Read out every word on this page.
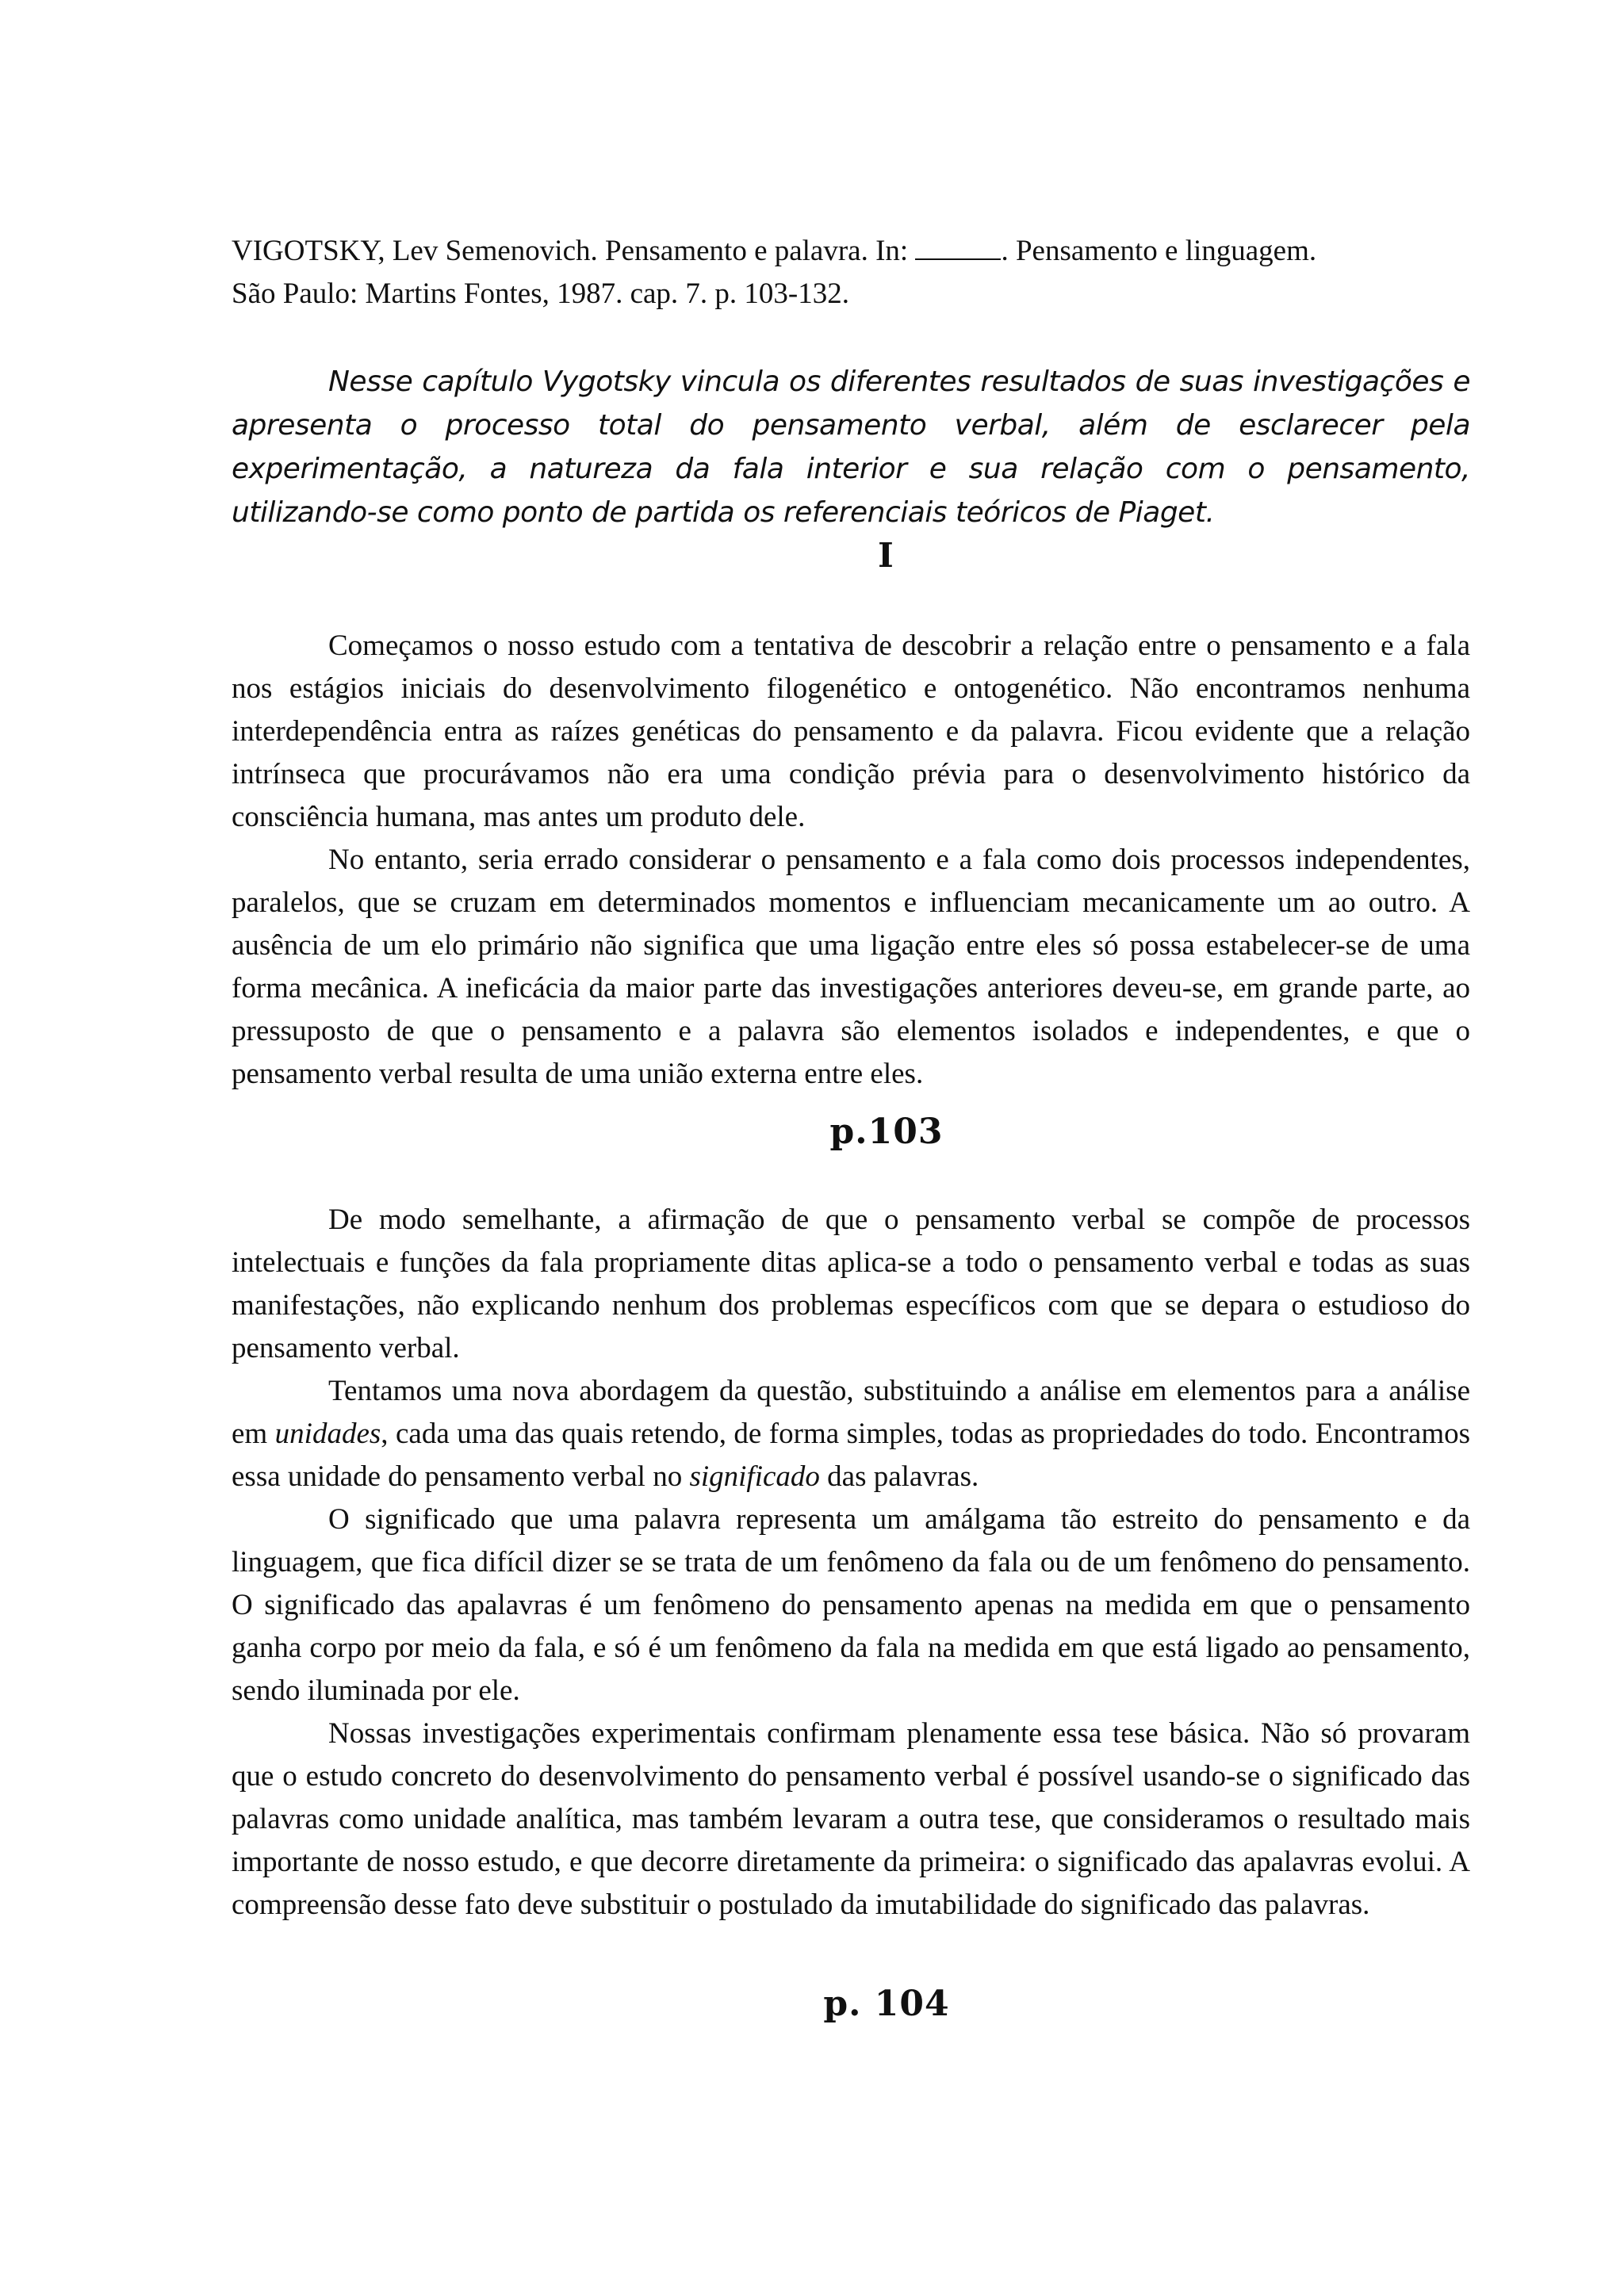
VIGOTSKY, Lev Semenovich. Pensamento e palavra. In:	. Pensamento e linguagem.
São Paulo: Martins Fontes, 1987. cap. 7. p. 103-132.

Nesse capítulo Vygotsky vincula os diferentes resultados de suas investigações e apresenta o processo total do pensamento verbal, além de esclarecer pela experimentação, a natureza da fala interior e sua relação com o pensamento, utilizando-se como ponto de partida os referenciais teóricos de Piaget.

I

Começamos o nosso estudo com a tentativa de descobrir a relação entre o pensamento e a fala nos estágios iniciais do desenvolvimento filogenético e ontogenético. Não encontramos nenhuma interdependência entra as raízes genéticas do pensamento e da palavra. Ficou evidente que a relação intrínseca que procurávamos não era uma condição prévia para o desenvolvimento histórico da consciência humana, mas antes um produto dele.

No entanto, seria errado considerar o pensamento e a fala como dois processos independentes, paralelos, que se cruzam em determinados momentos e influenciam mecanicamente um ao outro. A ausência de um elo primário não significa que uma ligação entre eles só possa estabelecer-se de uma forma mecânica. A ineficácia da maior parte das investigações anteriores deveu-se, em grande parte, ao pressuposto de que o pensamento e a palavra são elementos isolados e independentes, e que o pensamento verbal resulta de uma união externa entre eles.

p.103

De modo semelhante, a afirmação de que o pensamento verbal se compõe de processos intelectuais e funções da fala propriamente ditas aplica-se a todo o pensamento verbal e todas as suas manifestações, não explicando nenhum dos problemas específicos com que se depara o estudioso do pensamento verbal.

Tentamos uma nova abordagem da questão, substituindo a análise em elementos para a análise em unidades, cada uma das quais retendo, de forma simples, todas as propriedades do todo. Encontramos essa unidade do pensamento verbal no significado das palavras.

O significado que uma palavra representa um amálgama tão estreito do pensamento e da linguagem, que fica difícil dizer se se trata de um fenômeno da fala ou de um fenômeno do pensamento. O significado das apalavras é um fenômeno do pensamento apenas na medida em que o pensamento ganha corpo por meio da fala, e só é um fenômeno da fala na medida em que está ligado ao pensamento, sendo iluminada por ele.

Nossas investigações experimentais confirmam plenamente essa tese básica. Não só provaram que o estudo concreto do desenvolvimento do pensamento verbal é possível usando-se o significado das palavras como unidade analítica, mas também levaram a outra tese, que consideramos o resultado mais importante de nosso estudo, e que decorre diretamente da primeira: o significado das apalavras evolui. A compreensão desse fato deve substituir o postulado da imutabilidade do significado das palavras.

p. 104
